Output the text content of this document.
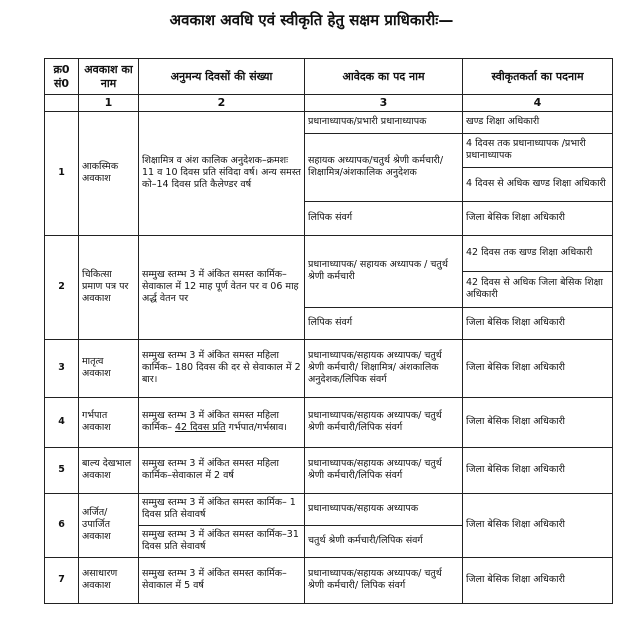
अवकाश अवधि एवं स्वीकृति हेतु सक्षम प्राधिकारीः—
क्र0 सं0	अवकाश का नाम	अनुमन्य दिवसों की संख्या	आवेदक का पद नाम	स्वीकृतकर्ता का पदनाम
	1	2	3	4
1	आकस्मिक अवकाश	शिक्षामित्र व अंश कालिक अनुदेशक–क्रमशः 11 व 10 दिवस प्रति संविदा वर्ष। अन्य समस्त को–14 दिवस प्रति कैलेण्डर वर्ष	प्रधानाध्यापक/प्रभारी प्रधानाध्यापक	खण्ड शिक्षा अधिकारी
			सहायक अध्यापक/चतुर्थ श्रेणी कर्मचारी/शिक्षामित्र/अंशकालिक अनुदेशक	4 दिवस तक प्रधानाध्यापक /प्रभारी प्रधानाध्यापक
				4 दिवस से अधिक खण्ड शिक्षा अधिकारी
			लिपिक संवर्ग	जिला बेसिक शिक्षा अधिकारी
2	चिकित्सा प्रमाण पत्र पर अवकाश	सम्मुख स्तम्भ 3 में अंकित समस्त कार्मिक–सेवाकाल में 12 माह पूर्ण वेतन पर व 06 माह अर्द्ध वेतन पर	प्रधानाध्यापक/ सहायक अध्यापक / चतुर्थ श्रेणी कर्मचारी	42 दिवस तक खण्ड शिक्षा अधिकारी
				42 दिवस से अधिक जिला बेसिक शिक्षा अधिकारी
			लिपिक संवर्ग	जिला बेसिक शिक्षा अधिकारी
3	मातृत्व अवकाश	सम्मुख स्तम्भ 3 में अंकित समस्त महिला कार्मिक– 180 दिवस की दर से सेवाकाल में 2 बार।	प्रधानाध्यापक/सहायक अध्यापक/ चतुर्थ श्रेणी कर्मचारी/ शिक्षामित्र/ अंशकालिक अनुदेशक/लिपिक संवर्ग	जिला बेसिक शिक्षा अधिकारी
4	गर्भपात अवकाश	सम्मुख स्तम्भ 3 में अंकित समस्त महिला कार्मिक– 42 दिवस प्रति गर्भपात/गर्भस्राव।	प्रधानाध्यापक/सहायक अध्यापक/ चतुर्थ श्रेणी कर्मचारी/लिपिक संवर्ग	जिला बेसिक शिक्षा अधिकारी
5	बाल्य देखभाल अवकाश	सम्मुख स्तम्भ 3 में अंकित समस्त महिला कार्मिक–सेवाकाल में 2 वर्ष	प्रधानाध्यापक/सहायक अध्यापक/ चतुर्थ श्रेणी कर्मचारी/लिपिक संवर्ग	जिला बेसिक शिक्षा अधिकारी
6	अर्जित/ उपार्जित अवकाश	सम्मुख स्तम्भ 3 में अंकित समस्त कार्मिक– 1 दिवस प्रति सेवावर्ष	प्रधानाध्यापक/सहायक अध्यापक	जिला बेसिक शिक्षा अधिकारी
		सम्मुख स्तम्भ 3 में अंकित समस्त कार्मिक–31 दिवस प्रति सेवावर्ष	चतुर्थ श्रेणी कर्मचारी/लिपिक संवर्ग	
7	असाधारण अवकाश	सम्मुख स्तम्भ 3 में अंकित समस्त कार्मिक– सेवाकाल में 5 वर्ष	प्रधानाध्यापक/सहायक अध्यापक/ चतुर्थ श्रेणी कर्मचारी/ लिपिक संवर्ग	जिला बेसिक शिक्षा अधिकारी
